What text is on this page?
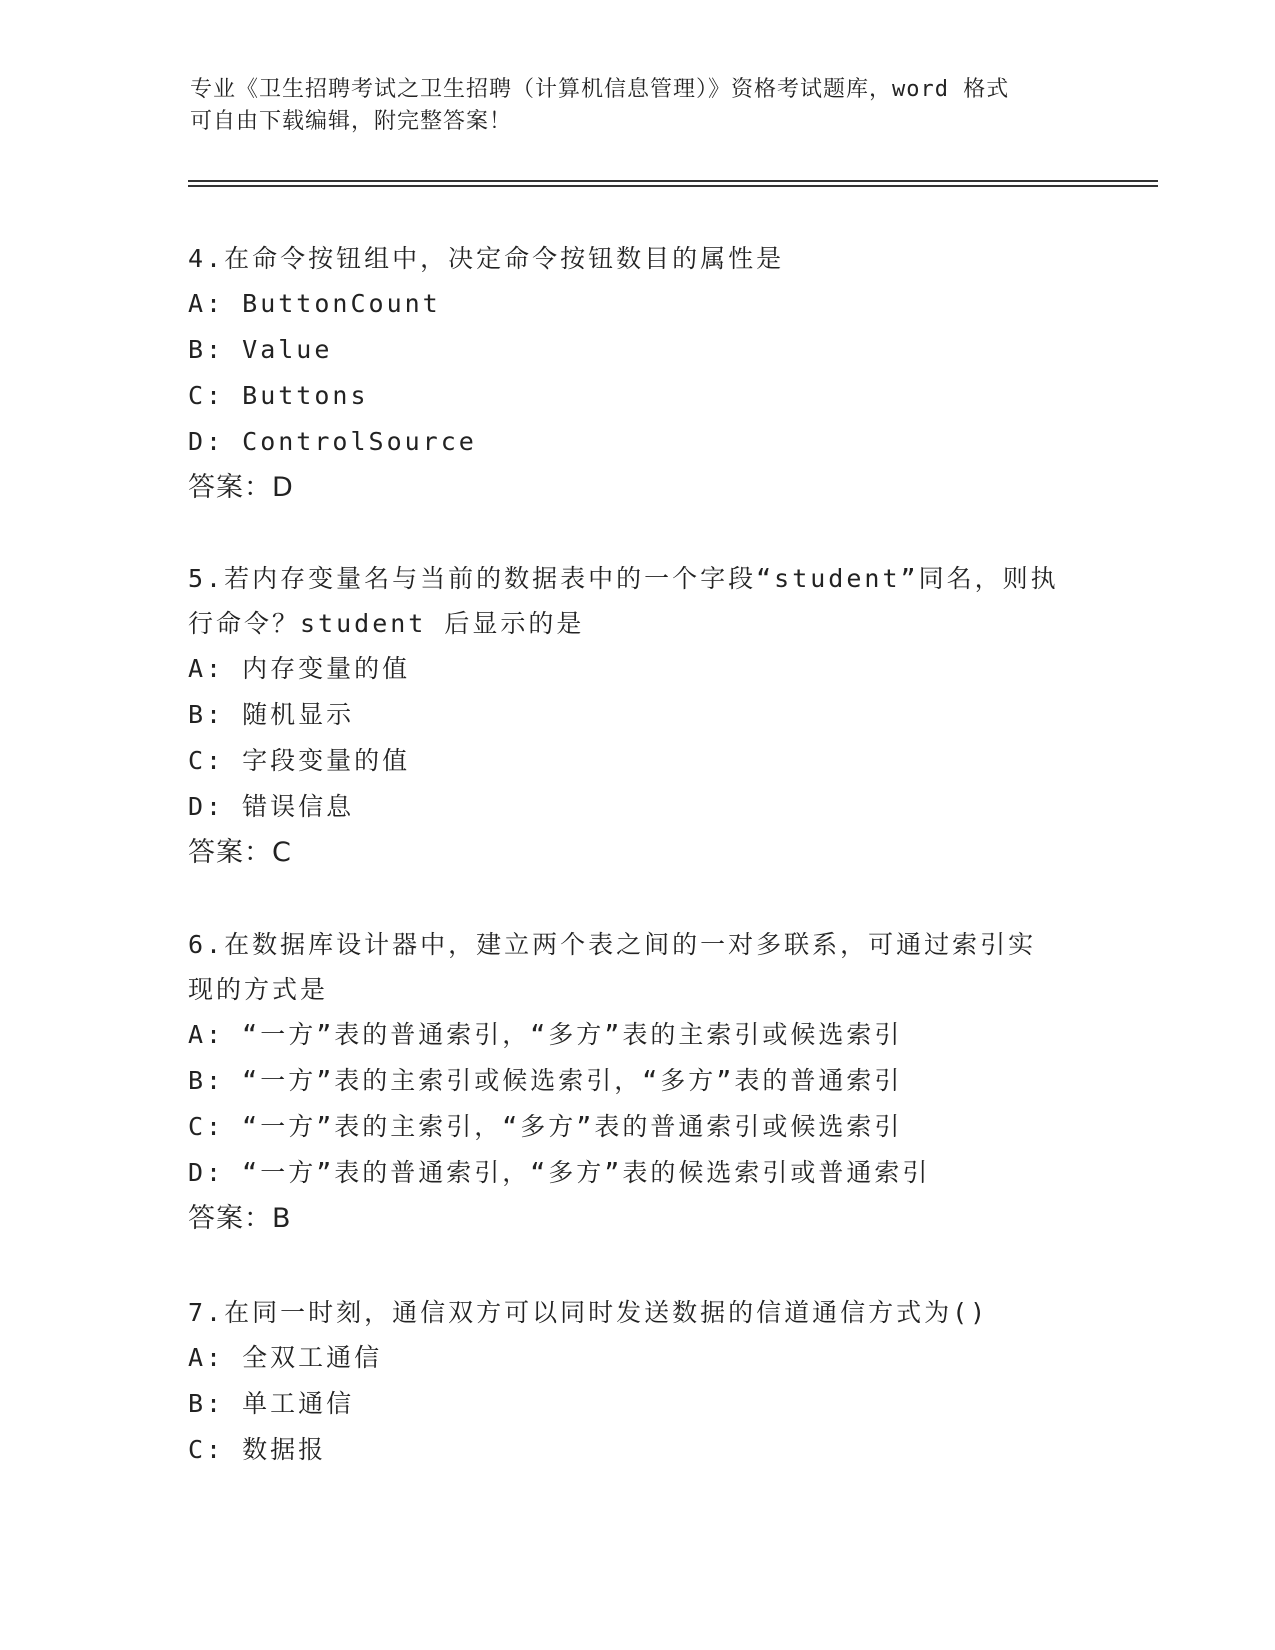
专业《卫生招聘考试之卫生招聘（计算机信息管理）》资格考试题库，word 格式
可自由下载编辑，附完整答案！
4.在命令按钮组中，决定命令按钮数目的属性是
A: ButtonCount
B: Value
C: Buttons
D: ControlSource
答案：D
5.若内存变量名与当前的数据表中的一个字段“student”同名，则执
行命令？student 后显示的是
A: 内存变量的值
B: 随机显示
C: 字段变量的值
D: 错误信息
答案：C
6.在数据库设计器中，建立两个表之间的一对多联系，可通过索引实
现的方式是
A: “一方”表的普通索引，“多方”表的主索引或候选索引
B: “一方”表的主索引或候选索引，“多方”表的普通索引
C: “一方”表的主索引，“多方”表的普通索引或候选索引
D: “一方”表的普通索引，“多方”表的候选索引或普通索引
答案：B
7.在同一时刻，通信双方可以同时发送数据的信道通信方式为()
A: 全双工通信
B: 单工通信
C: 数据报
